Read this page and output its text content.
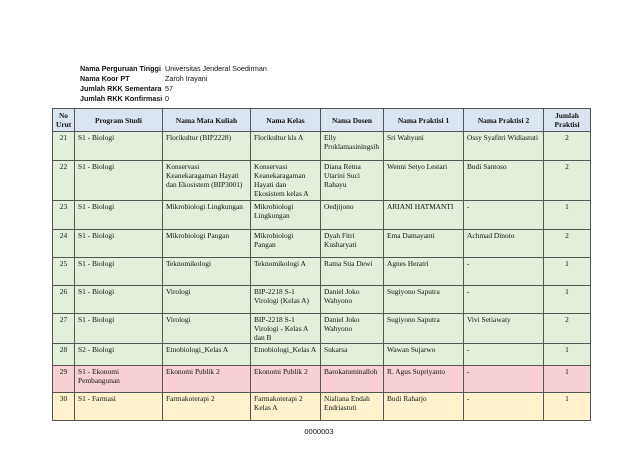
Nama Perguruan Tinggi Universitas Jenderal Soedirman
Nama Koor PT	Zaroh Irayani
Jumlah RKK Sementara 57
Jumlah RKK Konfirmasi 0
No Urut	Program Studi	Nama Mata Kuliah	Nama Kelas	Nama Dosen	Nama Praktisi 1	Nama Praktisi 2	Jumlah Praktisi

21	S1 - Biologi	Florikultur (BIP2228)	Florikultur kls A	Elly Proklamasiningsih	Sri Wahyuni	Ossy Syafitri Widiastuti	2

22	S1 - Biologi	Konservasi Keanekaragaman Hayati dan Ekosistem (BIP3001)	Konservasi Keanekaragaman Hayati dan Ekosistem kelas A	Diana Retna Utarini Suci Rahayu	Wenni Setyo Lestari	Budi Santoso	2

23	S1 - Biologi	Mikrobiologi Lingkungan	Mikrobiologi Lingkungan	Oedjijono	ARIANI HATMANTI	-	1

24	S1 - Biologi	Mikrobiologi Pangan	Mikrobiologi Pangan	Dyah Fitri Kusharyati	Ema Damayanti	Achmad Dinoto	2

25	S1 - Biologi	Teknomikologi	Teknomikologi A	Ratna Stia Dewi	Agnes Heratri	-	1

26	S1 - Biologi	Virologi	BIP-2218 S-1 Virologi (Kelas A)	Daniel Joko Wahyono	Sugiyono Saputra	-	1

27	S1 - Biologi	Virologi	BIP-2218 S-1 Virologi - Kelas A dan B	Daniel Joko Wahyono	Sugiyono Saputra	Vivi Setiawaty	2

28	S2 - Biologi	Etnobiologi_Kelas A	Etnobiologi_Kelas A	Sukarsa	Wawan Sujarwo	-	1

29	S1 - Ekonomi Pembangunan	Ekonomi Publik 2	Ekonomi Publik 2	Barokatuminalloh	R. Agus Supriyanto	-	1

30	S1 - Farmasi	Farmakoterapi 2	Farmakoterapi 2 Kelas A	Nialiana Endah Endriastuti	Budi Raharjo	-	1
0000003
